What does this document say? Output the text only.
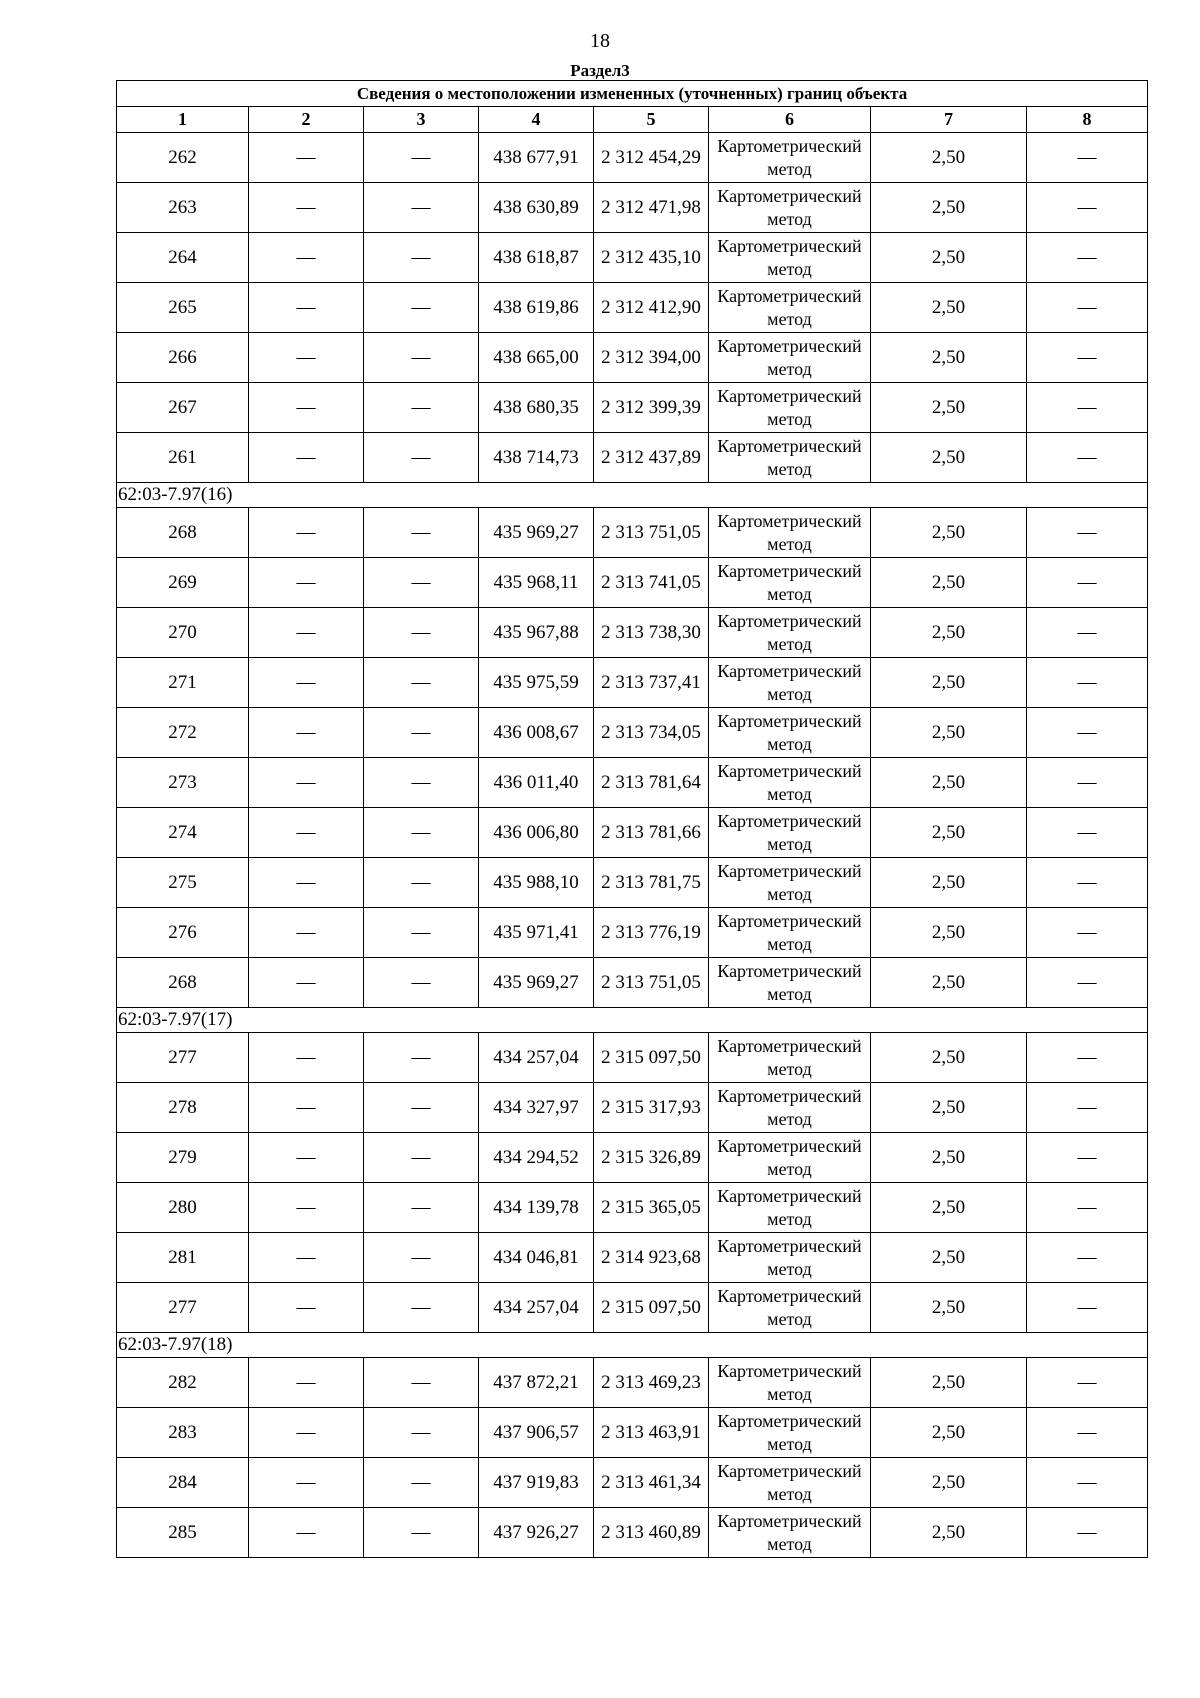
18
Раздел3
Сведения о местоположении измененных (уточненных) границ объекта							
1	2	3	4	5	6	7	8
262	—	—	438 677,91	2 312 454,29	Картометрический метод	2,50	—
263	—	—	438 630,89	2 312 471,98	Картометрический метод	2,50	—
264	—	—	438 618,87	2 312 435,10	Картометрический метод	2,50	—
265	—	—	438 619,86	2 312 412,90	Картометрический метод	2,50	—
266	—	—	438 665,00	2 312 394,00	Картометрический метод	2,50	—
267	—	—	438 680,35	2 312 399,39	Картометрический метод	2,50	—
261	—	—	438 714,73	2 312 437,89	Картометрический метод	2,50	—
62:03-7.97(16)							
268	—	—	435 969,27	2 313 751,05	Картометрический метод	2,50	—
269	—	—	435 968,11	2 313 741,05	Картометрический метод	2,50	—
270	—	—	435 967,88	2 313 738,30	Картометрический метод	2,50	—
271	—	—	435 975,59	2 313 737,41	Картометрический метод	2,50	—
272	—	—	436 008,67	2 313 734,05	Картометрический метод	2,50	—
273	—	—	436 011,40	2 313 781,64	Картометрический метод	2,50	—
274	—	—	436 006,80	2 313 781,66	Картометрический метод	2,50	—
275	—	—	435 988,10	2 313 781,75	Картометрический метод	2,50	—
276	—	—	435 971,41	2 313 776,19	Картометрический метод	2,50	—
268	—	—	435 969,27	2 313 751,05	Картометрический метод	2,50	—
62:03-7.97(17)							
277	—	—	434 257,04	2 315 097,50	Картометрический метод	2,50	—
278	—	—	434 327,97	2 315 317,93	Картометрический метод	2,50	—
279	—	—	434 294,52	2 315 326,89	Картометрический метод	2,50	—
280	—	—	434 139,78	2 315 365,05	Картометрический метод	2,50	—
281	—	—	434 046,81	2 314 923,68	Картометрический метод	2,50	—
277	—	—	434 257,04	2 315 097,50	Картометрический метод	2,50	—
62:03-7.97(18)							
282	—	—	437 872,21	2 313 469,23	Картометрический метод	2,50	—
283	—	—	437 906,57	2 313 463,91	Картометрический метод	2,50	—
284	—	—	437 919,83	2 313 461,34	Картометрический метод	2,50	—
285	—	—	437 926,27	2 313 460,89	Картометрический метод	2,50	—
